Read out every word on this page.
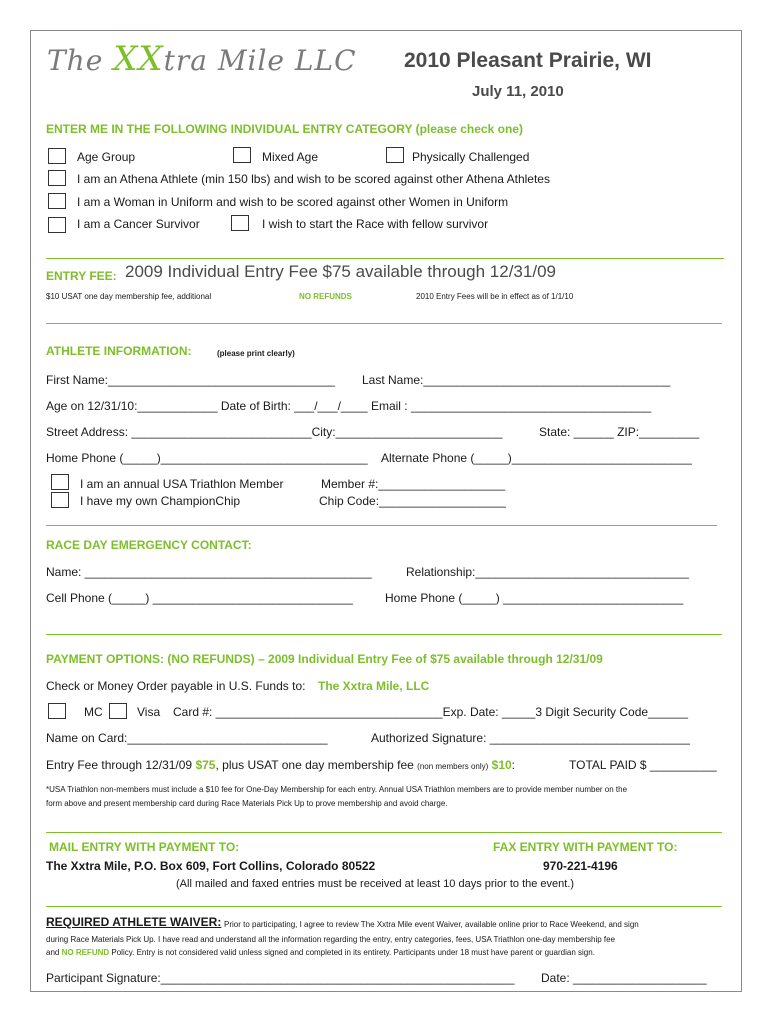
The XXtra Mile LLC 2010 Pleasant Prairie, WI
July 11, 2010
ENTER ME IN THE FOLLOWING INDIVIDUAL ENTRY CATEGORY (please check one)
Age Group	Mixed Age	Physically Challenged
I am an Athena Athlete (min 150 lbs) and wish to be scored against other Athena Athletes
I am a Woman in Uniform and wish to be scored against other Women in Uniform
I am a Cancer Survivor	I wish to start the Race with fellow survivor
ENTRY FEE: 2009 Individual Entry Fee $75 available through 12/31/09
$10 USAT one day membership fee, additional	NO REFUNDS	2010 Entry Fees will be in effect as of 1/1/10
ATHLETE INFORMATION:	(please print clearly)
First Name:__________________________________ Last Name:_____________________________________
Age on 12/31/10:____________ Date of Birth: ___/___/____ Email : ____________________________________
Street Address: ___________________________City:_________________________	State: ______ ZIP:_________
Home Phone (_____)_______________________________ Alternate Phone (_____)___________________________
I am an annual USA Triathlon Member
I have my own ChampionChip
Member #:___________________
Chip Code:___________________
RACE DAY EMERGENCY CONTACT:
Name: ___________________________________________	Relationship:________________________________
Cell Phone (_____) ______________________________	Home Phone (_____) ___________________________
PAYMENT OPTIONS: (NO REFUNDS) – 2009 Individual Entry Fee of $75 available through 12/31/09
Check or Money Order payable in U.S. Funds to: The Xxtra Mile, LLC
MC	Visa Card #: __________________________________Exp. Date: _____3 Digit Security Code______
Name on Card:______________________________	Authorized Signature: ______________________________
Entry Fee through 12/31/09 $75, plus USAT one day membership fee (non members only) $10:	TOTAL PAID $ __________
*USA Triathlon non-members must include a $10 fee for One-Day Membership for each entry. Annual USA Triathlon members are to provide member number on the
form above and present membership card during Race Materials Pick Up to prove membership and avoid charge.
MAIL ENTRY WITH PAYMENT TO:	FAX ENTRY WITH PAYMENT TO:
The Xxtra Mile, P.O. Box 609, Fort Collins, Colorado 80522	970-221-4196
(All mailed and faxed entries must be received at least 10 days prior to the event.)
REQUIRED ATHLETE WAIVER: Prior to participating, I agree to review The Xxtra Mile event Waiver, available online prior to Race Weekend, and sign
during Race Materials Pick Up. I have read and understand all the information regarding the entry, entry categories, fees, USA Triathlon one-day membership fee
and NO REFUND Policy. Entry is not considered valid unless signed and completed in its entirety. Participants under 18 must have parent or guardian sign.
Participant Signature:_____________________________________________________ Date: ____________________
